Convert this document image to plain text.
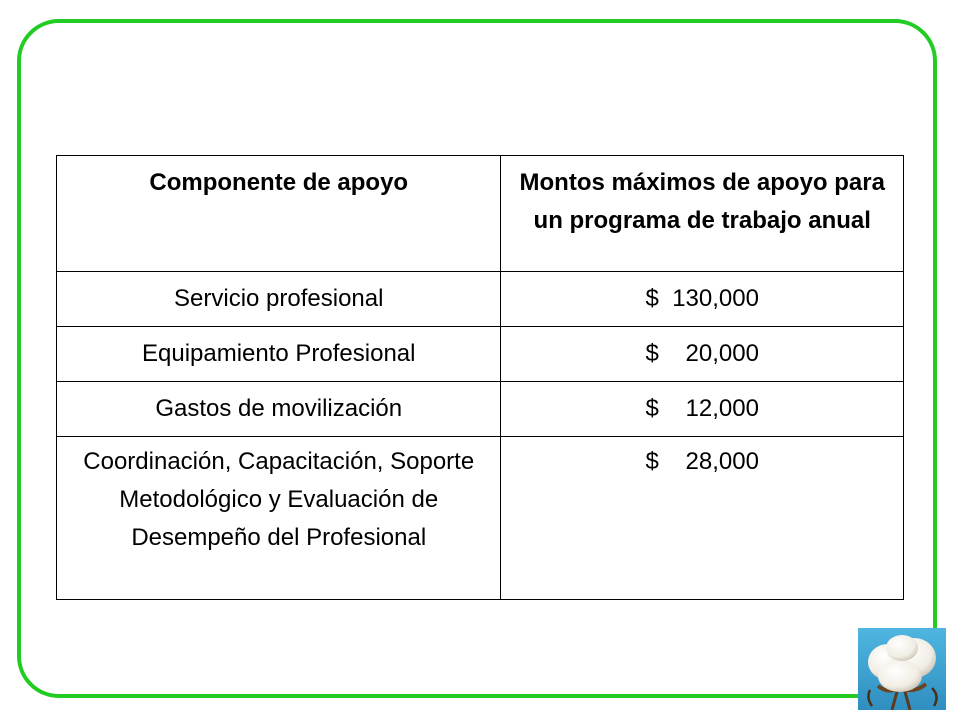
Componente de apoyo	Montos máximos de apoyo para un programa de trabajo anual
Servicio profesional	$  130,000
Equipamiento Profesional	$    20,000
Gastos de movilización	$    12,000
Coordinación, Capacitación, Soporte Metodológico y Evaluación de Desempeño del Profesional	$    28,000
